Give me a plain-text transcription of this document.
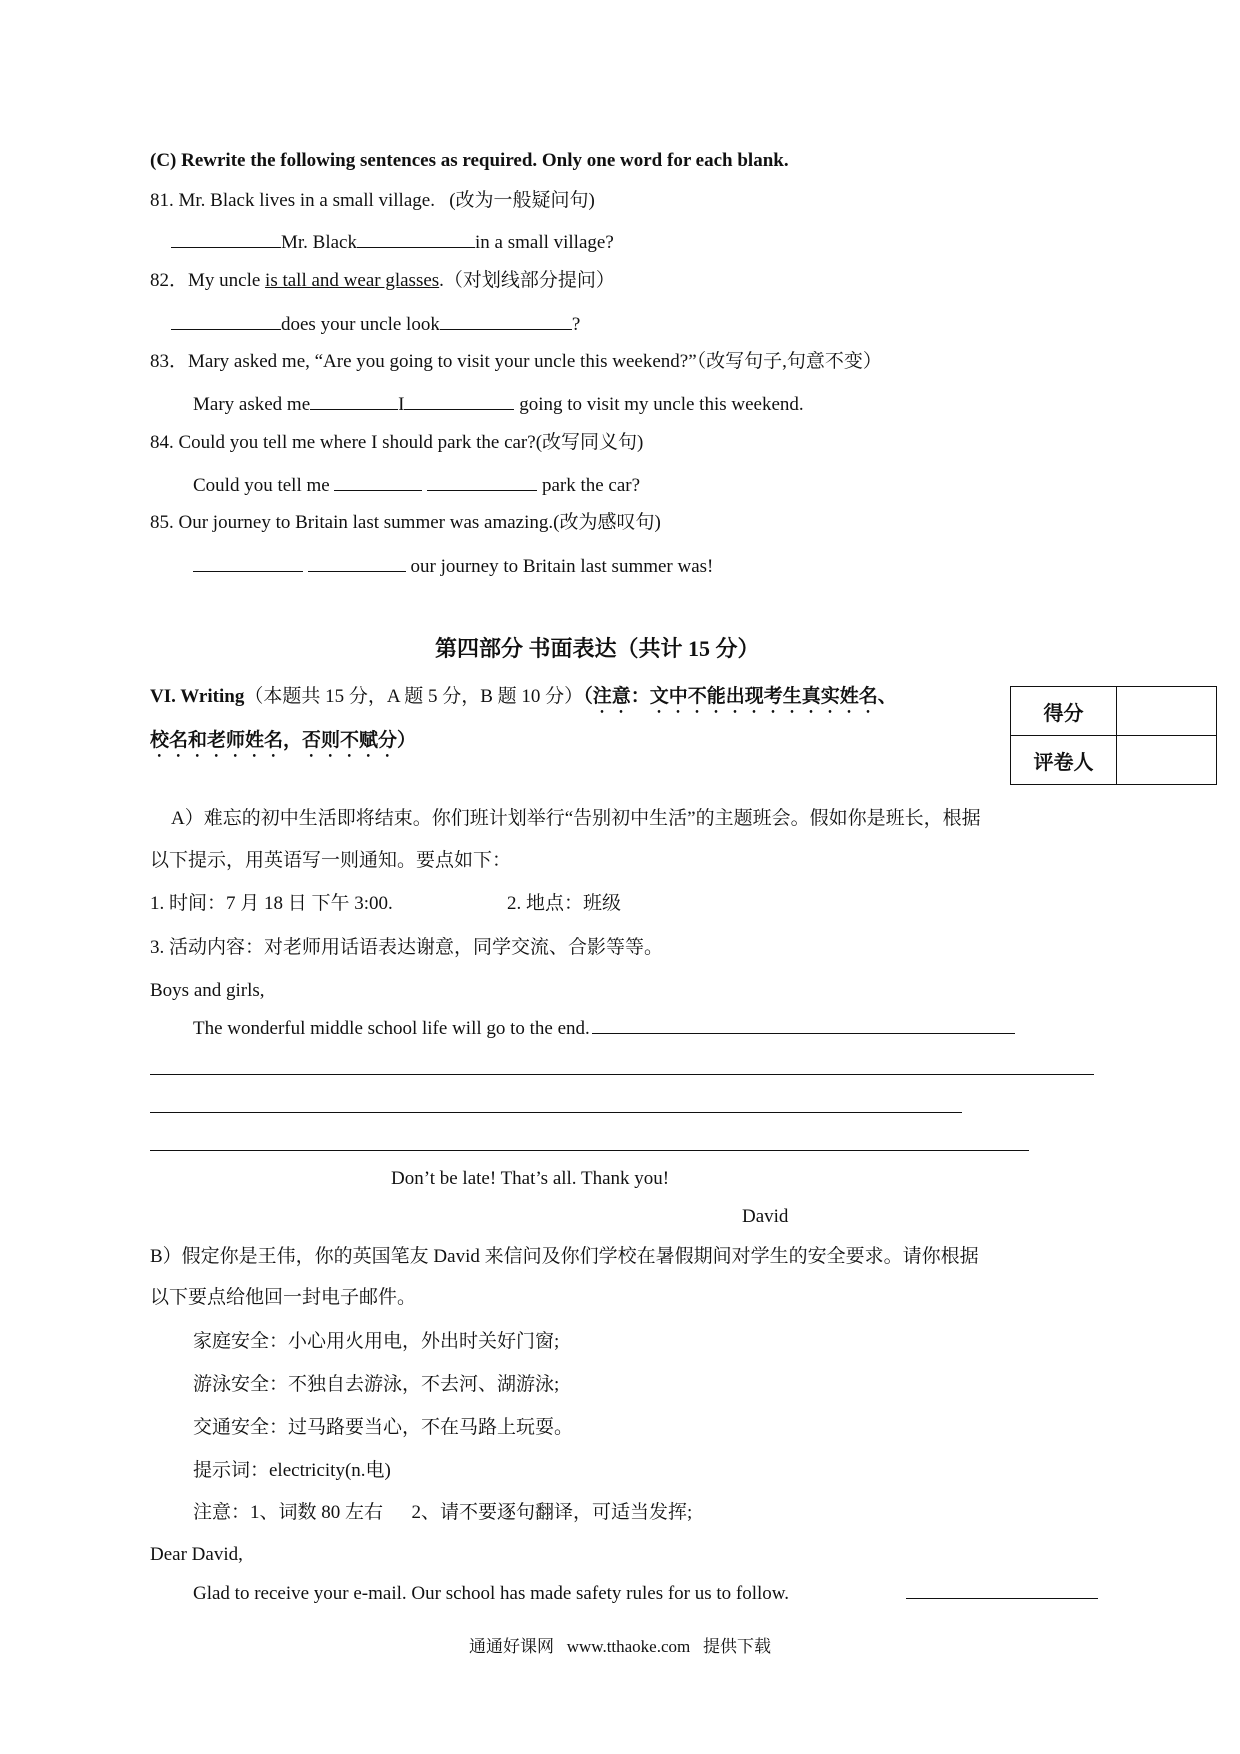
(C) Rewrite the following sentences as required. Only one word for each blank.
81. Mr. Black lives in a small village. (改为一般疑问句)
Mr. Black	in a small village?
82．My uncle is tall and wear glasses.（对划线部分提问）
does your uncle look	?
83．Mary asked me, “Are you going to visit your uncle this weekend?”（改写句子,句意不变）
Mary asked me	I	going to visit my uncle this weekend.
84. Could you tell me where I should park the car?(改写同义句)
Could you tell me	park the car?
85. Our journey to Britain last summer was amazing.(改为感叹句)
our journey to Britain last summer was!
第四部分 书面表达（共计 15 分）
VI. Writing（本题共 15 分，A 题 5 分，B 题 10 分）（注意：文中不能出现考生真实姓名、
校名和老师姓名，否则不赋分）
得分	
评卷人	
A）难忘的初中生活即将结束。你们班计划举行“告别初中生活”的主题班会。假如你是班长，根据
以下提示，用英语写一则通知。要点如下：
1. 时间：7 月 18 日 下午 3:00.	2. 地点：班级
3. 活动内容：对老师用话语表达谢意，同学交流、合影等等。
Boys and girls,
The wonderful middle school life will go to the end.
Don’t be late! That’s all. Thank you!
David
B）假定你是王伟，你的英国笔友 David 来信问及你们学校在暑假期间对学生的安全要求。请你根据
以下要点给他回一封电子邮件。
家庭安全：小心用火用电，外出时关好门窗;
游泳安全：不独自去游泳，不去河、湖游泳;
交通安全：过马路要当心，不在马路上玩耍。
提示词：electricity(n.电)
注意：1、词数 80 左右      2、请不要逐句翻译，可适当发挥;
Dear David,
Glad to receive your e-mail. Our school has made safety rules for us to follow.
通通好课网   www.tthaoke.com   提供下载
